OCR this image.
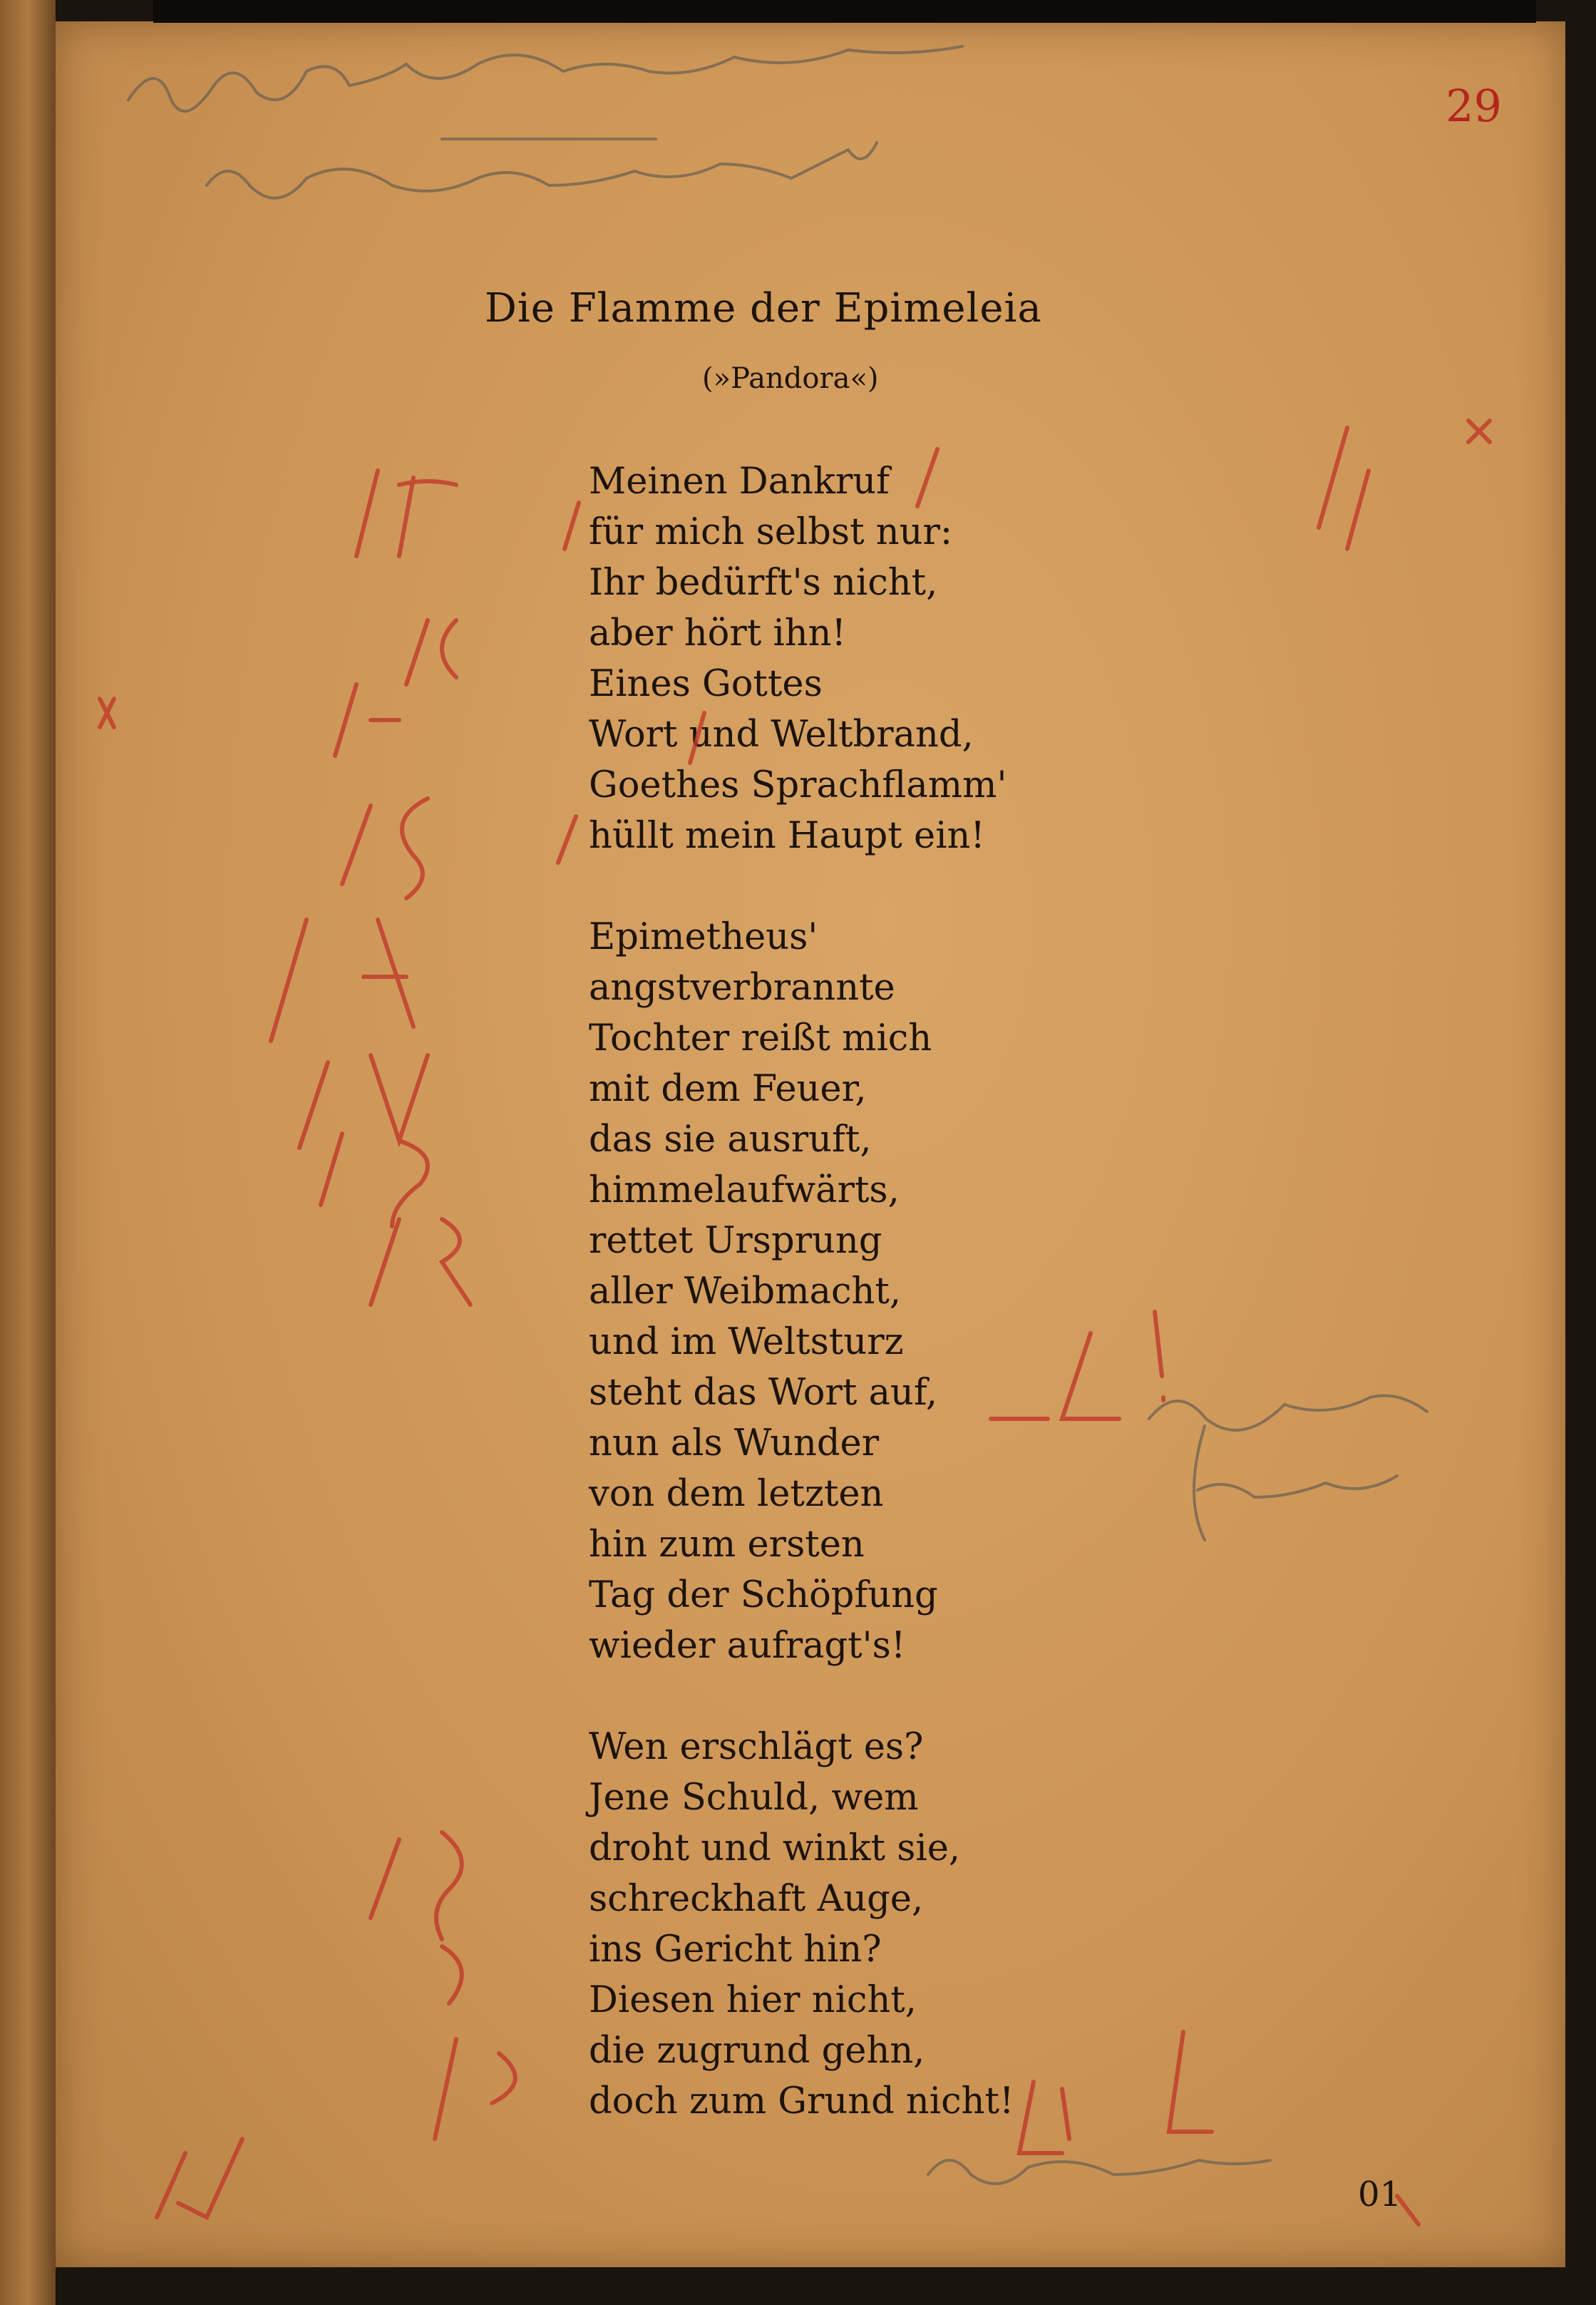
29
Die Flamme der Epimeleia
(»Pandora«)
Meinen Dankruf
für mich selbst nur:
Ihr bedürft's nicht,
aber hört ihn!
Eines Gottes
Wort und Weltbrand,
Goethes Sprachflamm'
hüllt mein Haupt ein!
Epimetheus'
angstverbrannte
Tochter reißt mich
mit dem Feuer,
das sie ausruft,
himmelaufwärts,
rettet Ursprung
aller Weibmacht,
und im Weltsturz
steht das Wort auf,
nun als Wunder
von dem letzten
hin zum ersten
Tag der Schöpfung
wieder aufragt's!
Wen erschlägt es?
Jene Schuld, wem
droht und winkt sie,
schreckhaft Auge,
ins Gericht hin?
Diesen hier nicht,
die zugrund gehn,
doch zum Grund nicht!
01
